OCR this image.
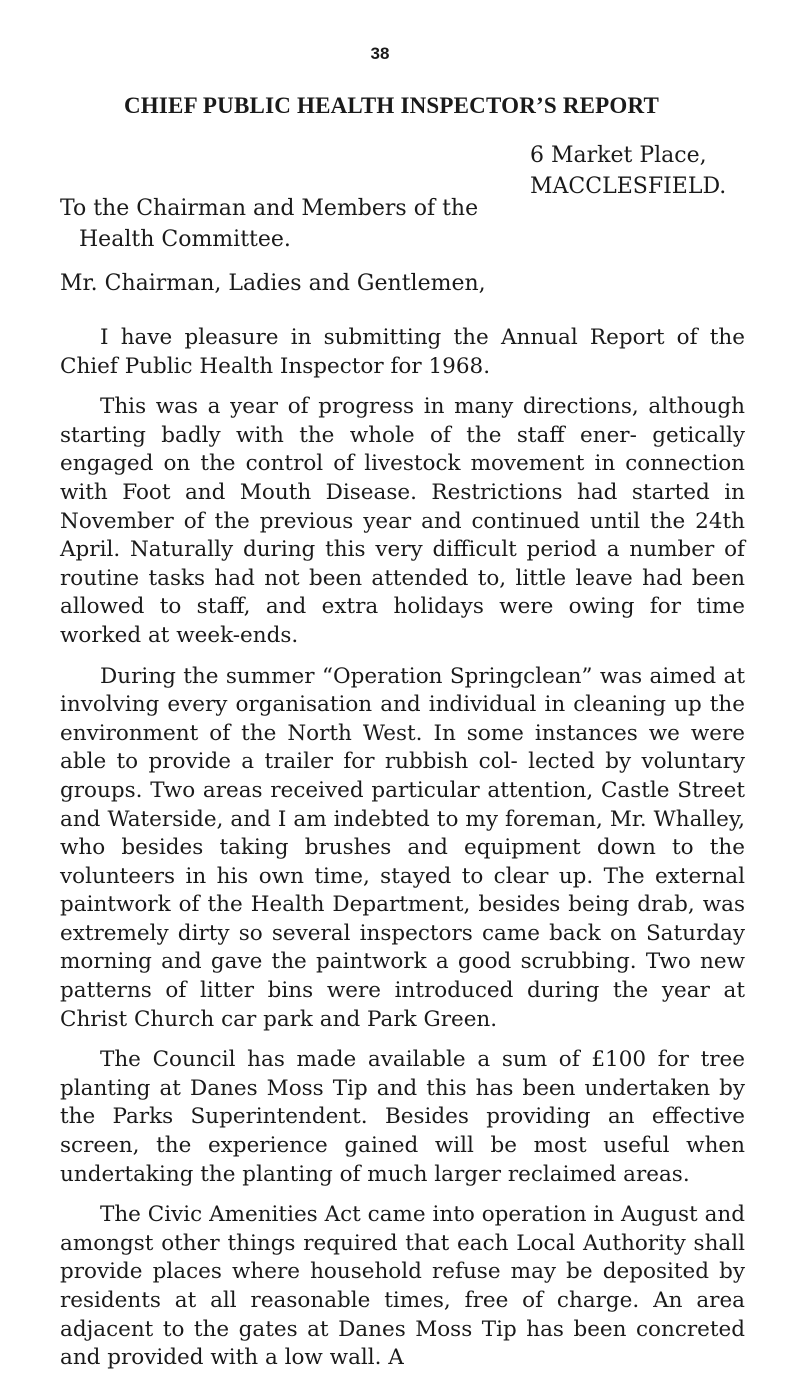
38
CHIEF PUBLIC HEALTH INSPECTOR’S REPORT
6 Market Place,
MACCLESFIELD.
To the Chairman and Members of the
Health Committee.
Mr. Chairman, Ladies and Gentlemen,

I have pleasure in submitting the Annual Report of the Chief Public Health Inspector for 1968.

This was a year of progress in many directions, although starting badly with the whole of the staff ener- getically engaged on the control of livestock movement in connection with Foot and Mouth Disease. Restrictions had started in November of the previous year and continued until the 24th April. Naturally during this very difficult period a number of routine tasks had not been attended to, little leave had been allowed to staff, and extra holidays were owing for time worked at week-ends.

During the summer “Operation Springclean” was aimed at involving every organisation and individual in cleaning up the environment of the North West. In some instances we were able to provide a trailer for rubbish col- lected by voluntary groups. Two areas received particular attention, Castle Street and Waterside, and I am indebted to my foreman, Mr. Whalley, who besides taking brushes and equipment down to the volunteers in his own time, stayed to clear up. The external paintwork of the Health Department, besides being drab, was extremely dirty so several inspectors came back on Saturday morning and gave the paintwork a good scrubbing. Two new patterns of litter bins were introduced during the year at Christ Church car park and Park Green.

The Council has made available a sum of £100 for tree planting at Danes Moss Tip and this has been undertaken by the Parks Superintendent. Besides providing an effective screen, the experience gained will be most useful when undertaking the planting of much larger reclaimed areas.

The Civic Amenities Act came into operation in August and amongst other things required that each Local Authority shall provide places where household refuse may be deposited by residents at all reasonable times, free of charge. An area adjacent to the gates at Danes Moss Tip has been concreted and provided with a low wall. A
